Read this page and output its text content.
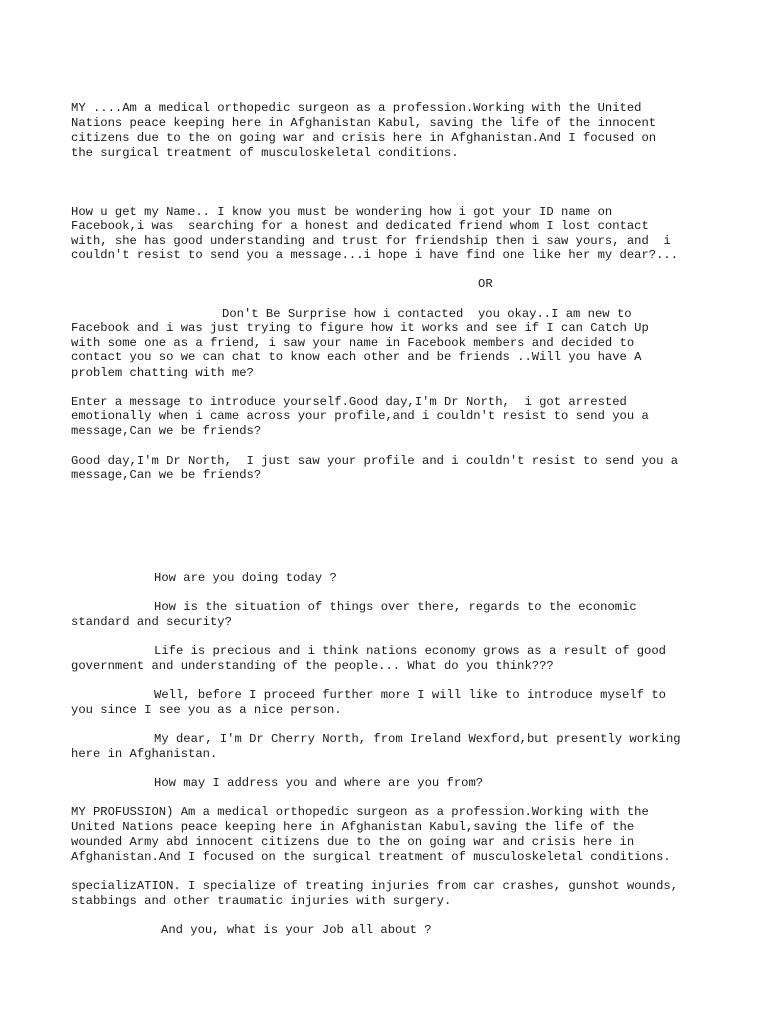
MY ....Am a medical orthopedic surgeon as a profession.Working with the United

Nations peace keeping here in Afghanistan Kabul, saving the life of the innocent

citizens due to the on going war and crisis here in Afghanistan.And I focused on

the surgical treatment of musculoskeletal conditions.

How u get my Name.. I know you must be wondering how i got your ID name on

Facebook,i was  searching for a honest and dedicated friend whom I lost contact

with, she has good understanding and trust for friendship then i saw yours, and  i

couldn't resist to send you a message...i hope i have find one like her my dear?...

OR

Don't Be Surprise how i contacted  you okay..I am new to

Facebook and i was just trying to figure how it works and see if I can Catch Up

with some one as a friend, i saw your name in Facebook members and decided to

contact you so we can chat to know each other and be friends ..Will you have A

problem chatting with me?

Enter a message to introduce yourself.Good day,I'm Dr North,  i got arrested

emotionally when i came across your profile,and i couldn't resist to send you a

message,Can we be friends?

Good day,I'm Dr North,  I just saw your profile and i couldn't resist to send you a

message,Can we be friends?

How are you doing today ?

How is the situation of things over there, regards to the economic

standard and security?

Life is precious and i think nations economy grows as a result of good

government and understanding of the people... What do you think???

Well, before I proceed further more I will like to introduce myself to

you since I see you as a nice person.

My dear, I'm Dr Cherry North, from Ireland Wexford,but presently working

here in Afghanistan.

How may I address you and where are you from?

MY PROFUSSION) Am a medical orthopedic surgeon as a profession.Working with the

United Nations peace keeping here in Afghanistan Kabul,saving the life of the

wounded Army abd innocent citizens due to the on going war and crisis here in

Afghanistan.And I focused on the surgical treatment of musculoskeletal conditions.

specializATION. I specialize of treating injuries from car crashes, gunshot wounds,

stabbings and other traumatic injuries with surgery.

And you, what is your Job all about ?
